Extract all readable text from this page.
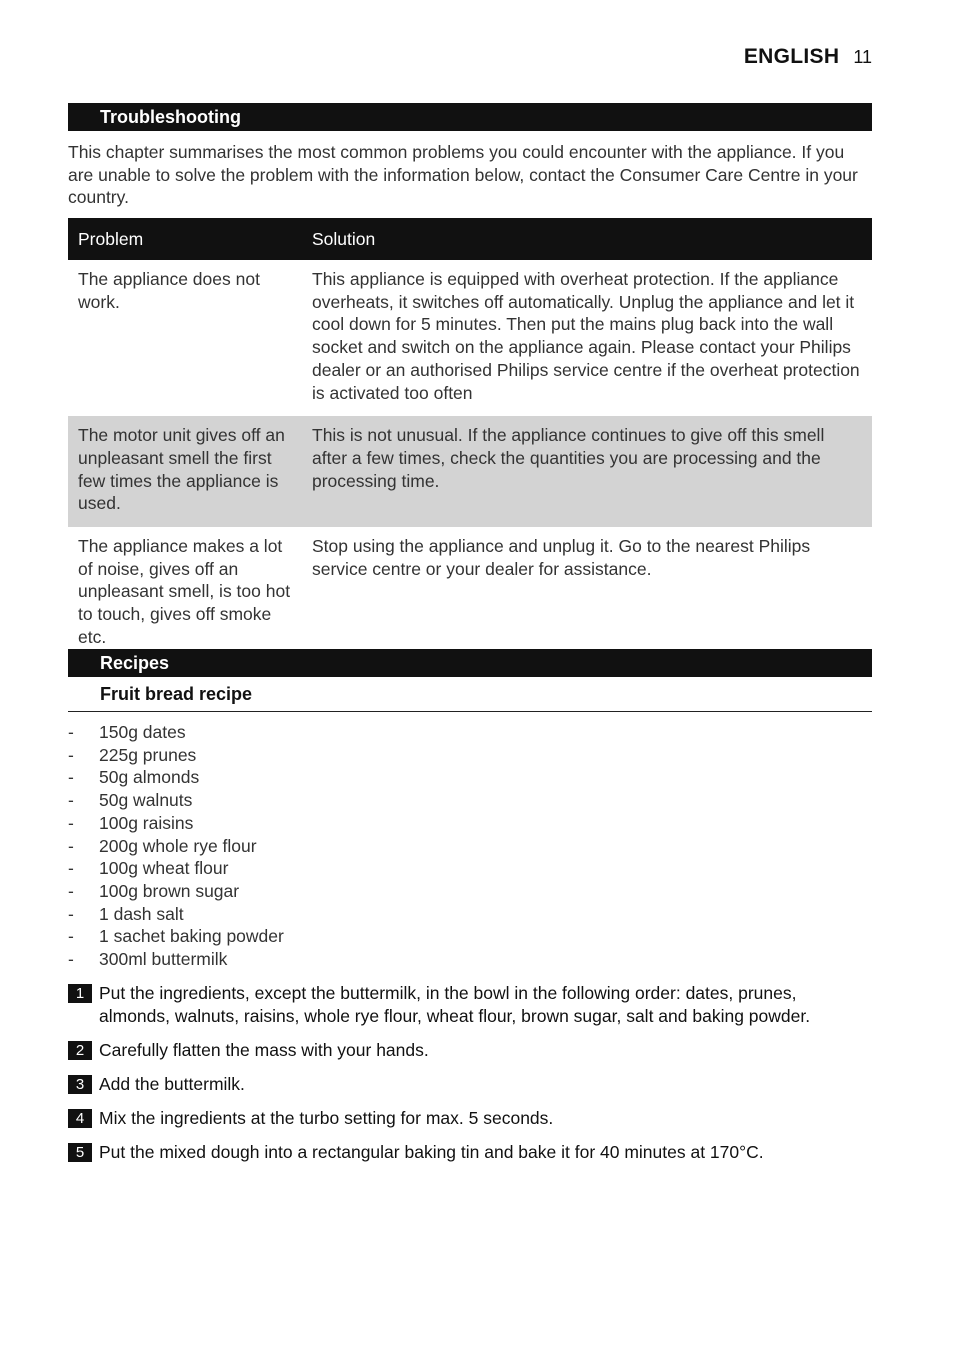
ENGLISH 11
Troubleshooting
This chapter summarises the most common problems you could encounter with the appliance. If you are unable to solve the problem with the information below, contact the Consumer Care Centre in your country.
Problem	Solution
The appliance does not work.	This appliance is equipped with overheat protection. If the appliance overheats, it switches off automatically. Unplug the appliance and let it cool down for 5 minutes. Then put the mains plug back into the wall socket and switch on the appliance again. Please contact your Philips dealer or an authorised Philips service centre if the overheat protection is activated too often
The motor unit gives off an unpleasant smell the first few times the appliance is used.	This is not unusual. If the appliance continues to give off this smell after a few times, check the quantities you are processing and the processing time.
The appliance makes a lot of noise, gives off an unpleasant smell, is too hot to touch, gives off smoke etc.	Stop using the appliance and unplug it. Go to the nearest Philips service centre or your dealer for assistance.
Recipes
Fruit bread recipe
-	150g dates
-	225g prunes
-	50g almonds
-	50g walnuts
-	100g raisins
-	200g whole rye flour
-	100g wheat flour
-	100g brown sugar
-	1 dash salt
-	1 sachet baking powder
-	300ml buttermilk
1 Put the ingredients, except the buttermilk, in the bowl in the following order: dates, prunes, almonds, walnuts, raisins, whole rye flour, wheat flour, brown sugar, salt and baking powder.
2 Carefully flatten the mass with your hands.
3 Add the buttermilk.
4 Mix the ingredients at the turbo setting for max. 5 seconds.
5 Put the mixed dough into a rectangular baking tin and bake it for 40 minutes at 170°C.
